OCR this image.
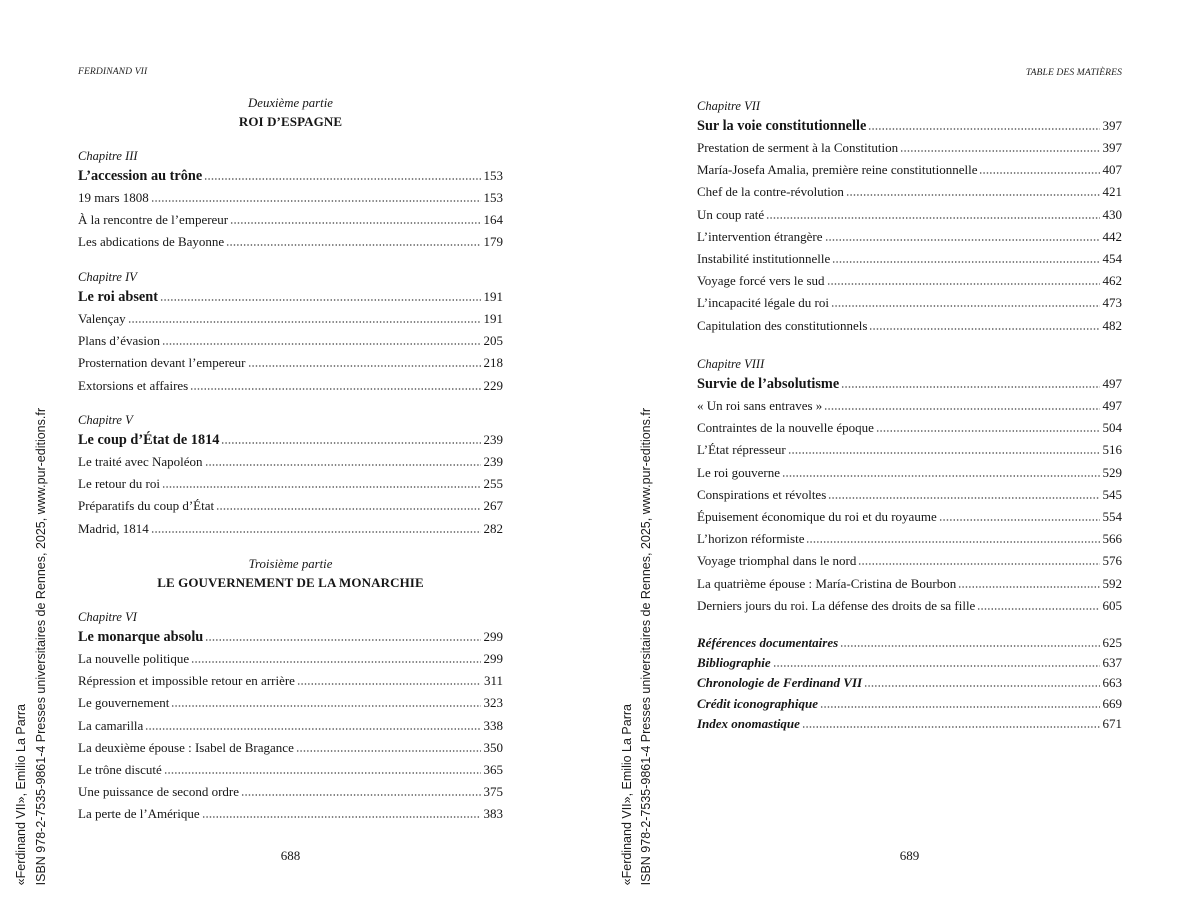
FERDINAND VII
Deuxième partie
ROI D’ESPAGNE
Chapitre III
L’accession au trône	153
19 mars 1808	153
À la rencontre de l’empereur	164
Les abdications de Bayonne	179
Chapitre IV
Le roi absent	191
Valençay	191
Plans d’évasion	205
Prosternation devant l’empereur	218
Extorsions et affaires	229
Chapitre V
Le coup d’État de 1814	239
Le traité avec Napoléon	239
Le retour du roi	255
Préparatifs du coup d’État	267
Madrid, 1814	282
Troisième partie
LE GOUVERNEMENT DE LA MONARCHIE
Chapitre VI
Le monarque absolu	299
La nouvelle politique	299
Répression et impossible retour en arrière	311
Le gouvernement	323
La camarilla	338
La deuxième épouse : Isabel de Bragance	350
Le trône discuté	365
Une puissance de second ordre	375
La perte de l’Amérique	383
688
«Ferdinand VII», Emilio La Parra ISBN 978-2-7535-9861-4 Presses universitaires de Rennes, 2025, www.pur-editions.fr
TABLE DES MATIÈRES
Chapitre VII
Sur la voie constitutionnelle	397
Prestation de serment à la Constitution	397
María-Josefa Amalia, première reine constitutionnelle	407
Chef de la contre-révolution	421
Un coup raté	430
L’intervention étrangère	442
Instabilité institutionnelle	454
Voyage forcé vers le sud	462
L’incapacité légale du roi	473
Capitulation des constitutionnels	482
Chapitre VIII
Survie de l’absolutisme	497
« Un roi sans entraves »	497
Contraintes de la nouvelle époque	504
L’État répresseur	516
Le roi gouverne	529
Conspirations et révoltes	545
Épuisement économique du roi et du royaume	554
L’horizon réformiste	566
Voyage triomphal dans le nord	576
La quatrième épouse : María-Cristina de Bourbon	592
Derniers jours du roi. La défense des droits de sa fille	605
Références documentaires	625
Bibliographie	637
Chronologie de Ferdinand VII	663
Crédit iconographique	669
Index onomastique	671
689
«Ferdinand VII», Emilio La Parra ISBN 978-2-7535-9861-4 Presses universitaires de Rennes, 2025, www.pur-editions.fr
